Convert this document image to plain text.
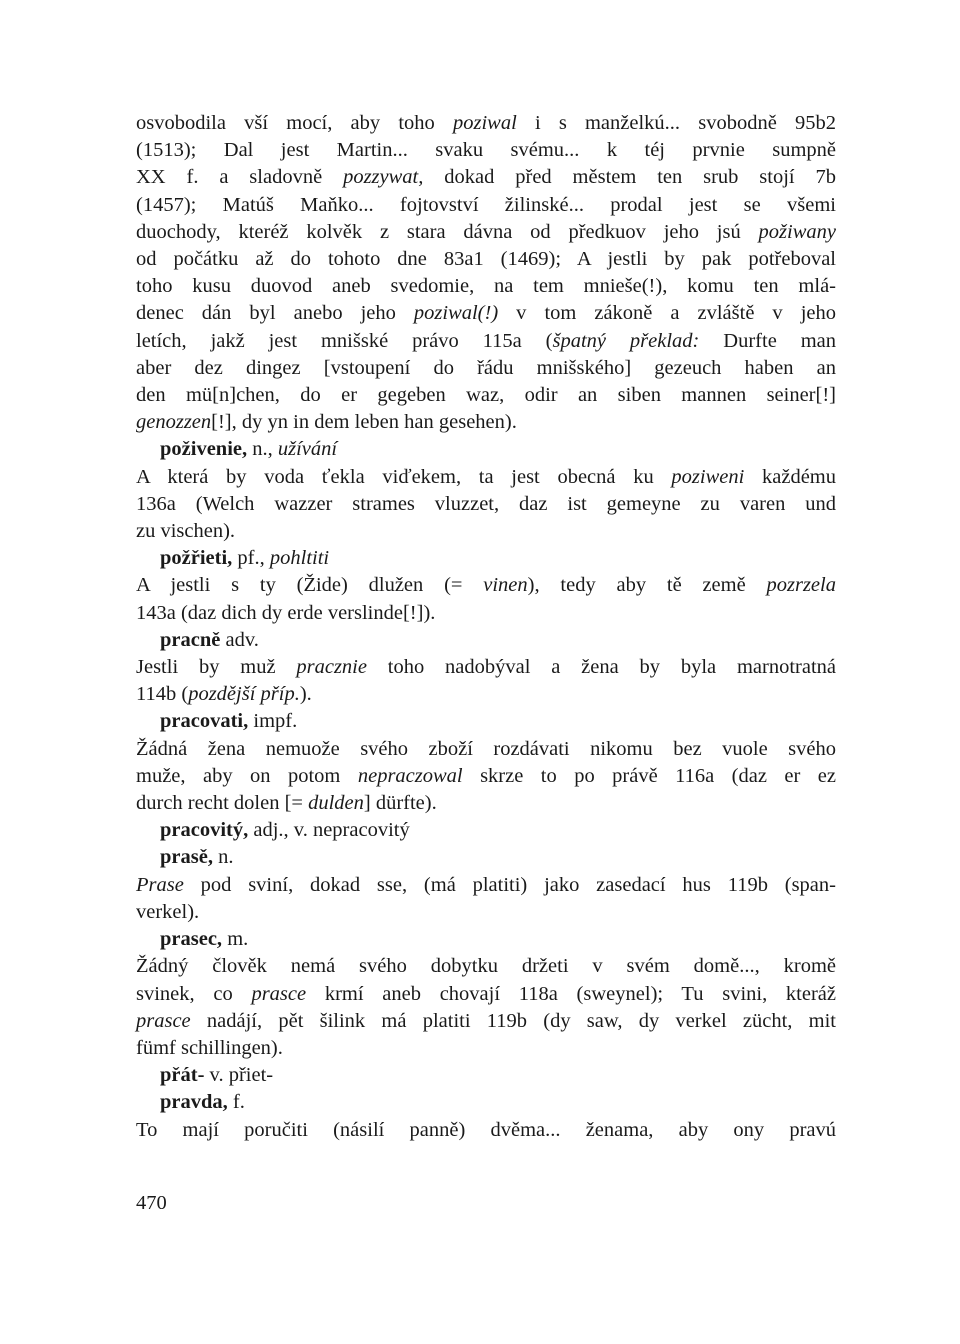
osvobodila vší mocí, aby toho poziwal i s manželkú... svobodně 95b2
(1513); Dal jest Martin... svaku svému... k téj prvnie sumpně
XX f. a sladovně pozzywat, dokad před městem ten srub stojí 7b
(1457); Matúš Maňko... fojtovství žilinské... prodal jest se všemi
duochody, kteréž kolvěk z stara dávna od předkuov jeho jsú požiwany
od počátku až do tohoto dne 83a1 (1469); A jestli by pak potřeboval
toho kusu duovod aneb svedomie, na tem mnieše(!), komu ten mlá-
denec dán byl anebo jeho poziwal(!) v tom zákoně a zvláště v jeho
letích, jakž jest mnišské právo 115a (špatný překlad: Durfte man
aber dez dingez [vstoupení do řádu mnišského] gezeuch haben an
den mü[n]chen, do er gegeben waz, odir an siben mannen seiner[!]
genozzen[!], dy yn in dem leben han gesehen).
poživenie, n., užívání
A která by voda ťekla viďekem, ta jest obecná ku poziweni každému
136a (Welch wazzer strames vluzzet, daz ist gemeyne zu varen und
zu vischen).
požřieti, pf., pohltiti
A jestli s ty (Žide) dlužen (= vinen), tedy aby tě země pozrzela
143a (daz dich dy erde verslinde[!]).
pracně adv.
Jestli by muž pracznie toho nadobýval a žena by byla marnotratná
114b (pozdější příp.).
pracovati, impf.
Žádná žena nemuože svého zboží rozdávati nikomu bez vuole svého
muže, aby on potom nepraczowal skrze to po právě 116a (daz er ez
durch recht dolen [= dulden] dürfte).
pracovitý, adj., v. nepracovitý
prasě, n.
Prase pod sviní, dokad sse, (má platiti) jako zasedací hus 119b (span-
verkel).
prasec, m.
Žádný člověk nemá svého dobytku držeti v svém domě..., kromě
svinek, co prasce krmí aneb chovají 118a (sweynel); Tu svini, kteráž
prasce nadájí, pět šilink má platiti 119b (dy saw, dy verkel zücht, mit
fümf schillingen).
přát- v. přiet-
pravda, f.
To mají poručiti (násilí panně) dvěma... ženama, aby ony pravú
470
